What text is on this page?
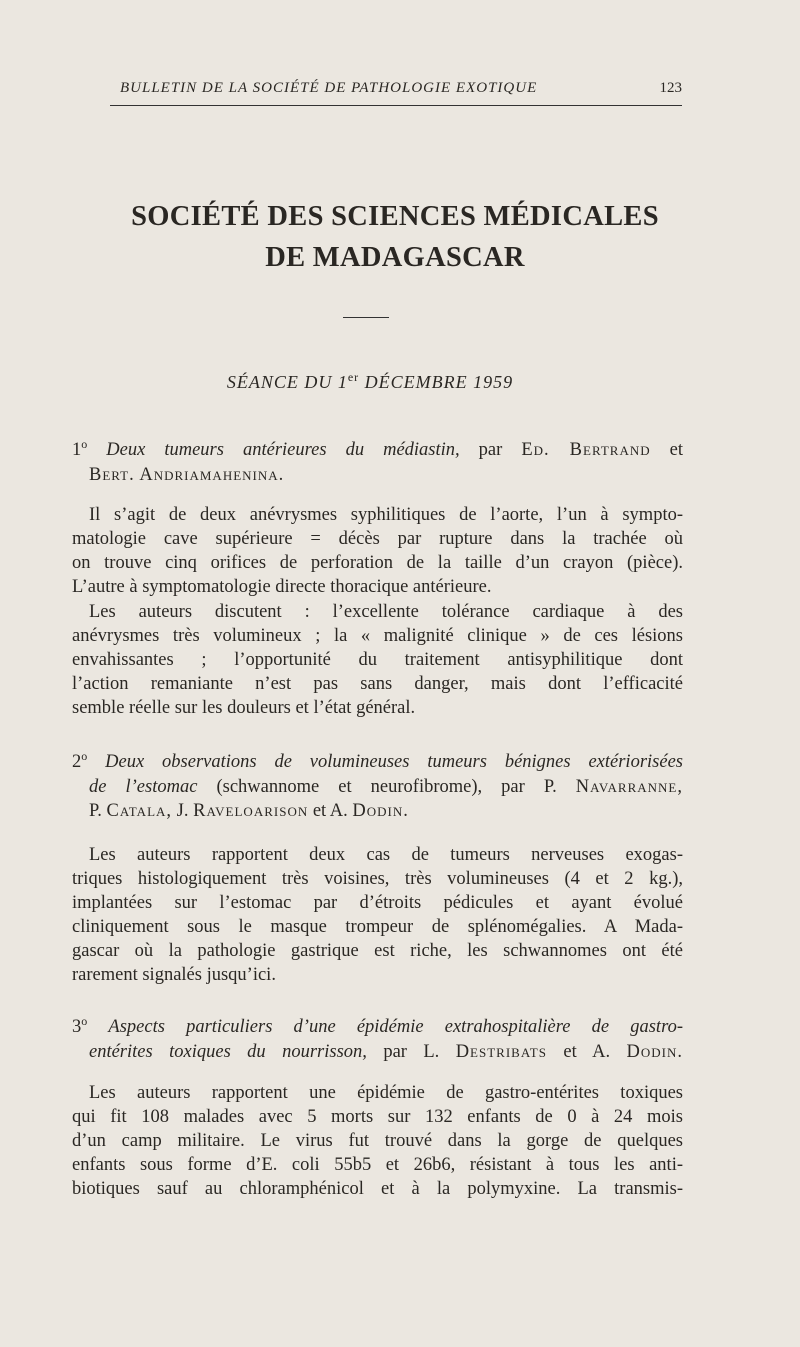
BULLETIN DE LA SOCIÉTÉ DE PATHOLOGIE EXOTIQUE	123
SOCIÉTÉ DES SCIENCES MÉDICALES
DE MADAGASCAR
SÉANCE DU 1er DÉCEMBRE 1959
1$^o$ Deux tumeurs antérieures du médiastin, par Ed. Bertrand et
Bert. Andriamahenina.
Il s’agit de deux anévrysmes syphilitiques de l’aorte, l’un à sympto-
matologie cave supérieure = décès par rupture dans la trachée où
on trouve cinq orifices de perforation de la taille d’un crayon (pièce).
L’autre à symptomatologie directe thoracique antérieure.
Les auteurs discutent : l’excellente tolérance cardiaque à des
anévrysmes très volumineux ; la « malignité clinique » de ces lésions
envahissantes ; l’opportunité du traitement antisyphilitique dont
l’action remaniante n’est pas sans danger, mais dont l’efficacité
semble réelle sur les douleurs et l’état général.
2$^o$ Deux observations de volumineuses tumeurs bénignes extériorisées
de l’estomac (schwannome et neurofibrome), par P. Navarranne,
P. Catala, J. Raveloarison et A. Dodin.
Les auteurs rapportent deux cas de tumeurs nerveuses exogas-
triques histologiquement très voisines, très volumineuses (4 et 2 kg.),
implantées sur l’estomac par d’étroits pédicules et ayant évolué
cliniquement sous le masque trompeur de splénomégalies. A Mada-
gascar où la pathologie gastrique est riche, les schwannomes ont été
rarement signalés jusqu’ici.
3$^o$ Aspects particuliers d’une épidémie extrahospitalière de gastro-
entérites toxiques du nourrisson, par L. Destribats et A. Dodin.
Les auteurs rapportent une épidémie de gastro-entérites toxiques
qui fit 108 malades avec 5 morts sur 132 enfants de 0 à 24 mois
d’un camp militaire. Le virus fut trouvé dans la gorge de quelques
enfants sous forme d’E. coli 55b5 et 26b6, résistant à tous les anti-
biotiques sauf au chloramphénicol et à la polymyxine. La transmis-
